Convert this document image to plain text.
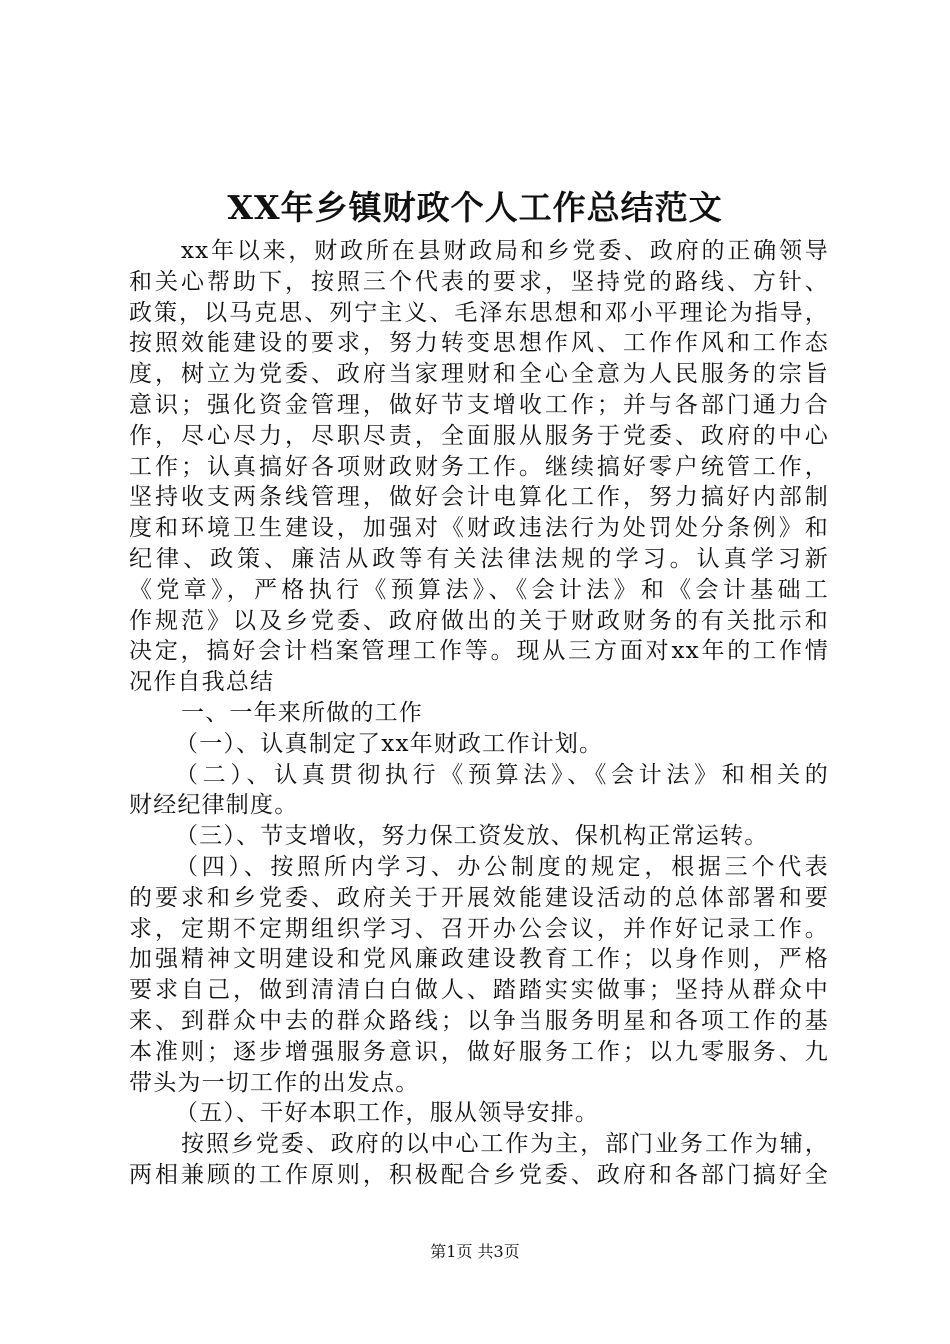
XX年乡镇财政个人工作总结范文
xx年以来，财政所在县财政局和乡党委、政府的正确领导
和关心帮助下，按照三个代表的要求，坚持党的路线、方针、
政策，以马克思、列宁主义、毛泽东思想和邓小平理论为指导，
按照效能建设的要求，努力转变思想作风、工作作风和工作态
度，树立为党委、政府当家理财和全心全意为人民服务的宗旨
意识；强化资金管理，做好节支增收工作；并与各部门通力合
作，尽心尽力，尽职尽责，全面服从服务于党委、政府的中心
工作；认真搞好各项财政财务工作。继续搞好零户统管工作，
坚持收支两条线管理，做好会计电算化工作，努力搞好内部制
度和环境卫生建设，加强对《财政违法行为处罚处分条例》和
纪律、政策、廉洁从政等有关法律法规的学习。认真学习新
《党章》，严格执行《预算法》、《会计法》和《会计基础工
作规范》以及乡党委、政府做出的关于财政财务的有关批示和
决定，搞好会计档案管理工作等。现从三方面对xx年的工作情
况作自我总结
一、一年来所做的工作
（一）、认真制定了xx年财政工作计划。
（二）、认真贯彻执行《预算法》、《会计法》和相关的
财经纪律制度。
（三）、节支增收，努力保工资发放、保机构正常运转。
（四）、按照所内学习、办公制度的规定，根据三个代表
的要求和乡党委、政府关于开展效能建设活动的总体部署和要
求，定期不定期组织学习、召开办公会议，并作好记录工作。
加强精神文明建设和党风廉政建设教育工作；以身作则，严格
要求自己，做到清清白白做人、踏踏实实做事；坚持从群众中
来、到群众中去的群众路线；以争当服务明星和各项工作的基
本准则；逐步增强服务意识，做好服务工作；以九零服务、九
带头为一切工作的出发点。
（五）、干好本职工作，服从领导安排。
按照乡党委、政府的以中心工作为主，部门业务工作为辅，
两相兼顾的工作原则，积极配合乡党委、政府和各部门搞好全
第1页 共3页
